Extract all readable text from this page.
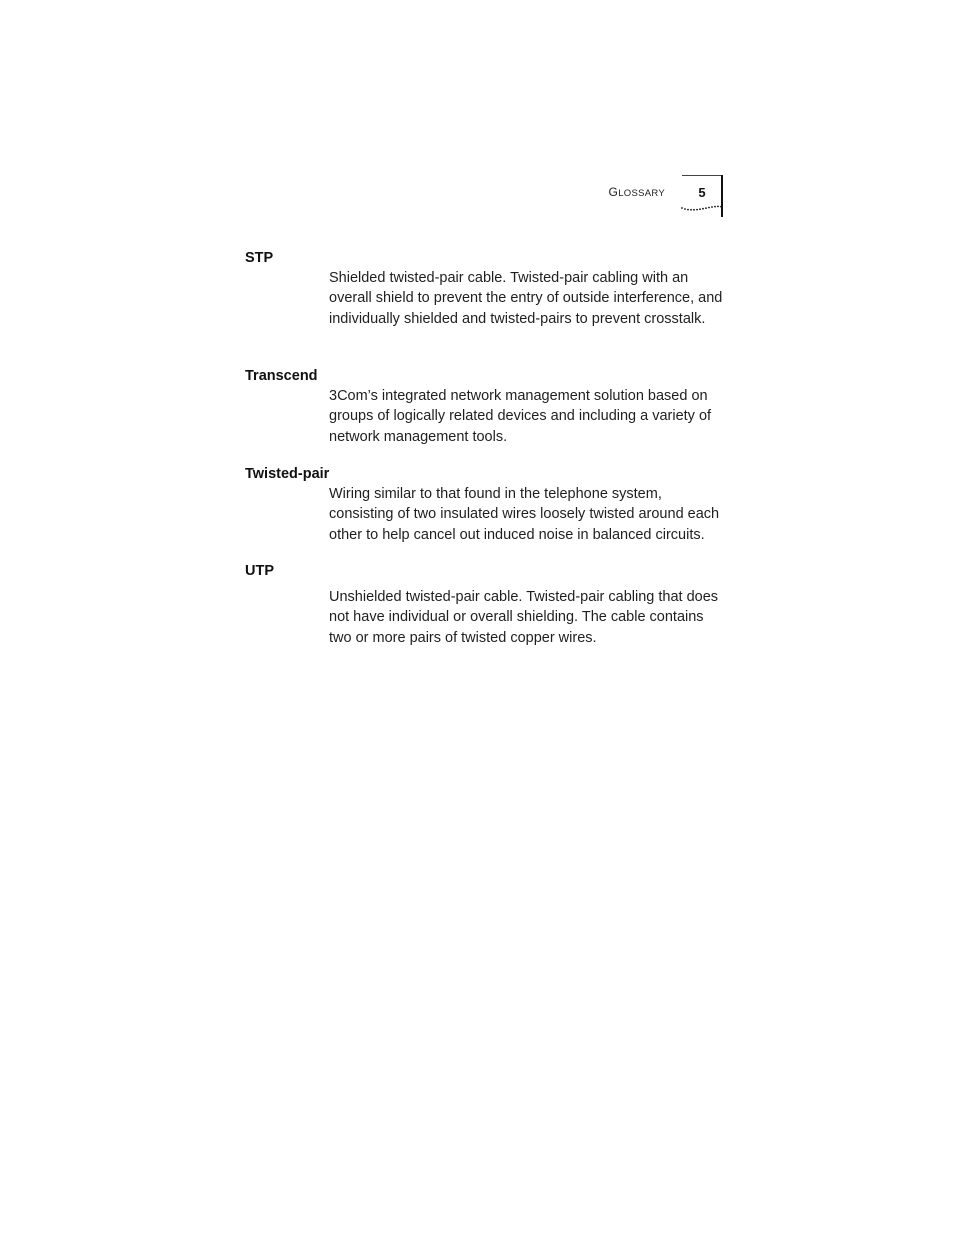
GLOSSARY	5
STP
Shielded twisted-pair cable. Twisted-pair cabling with an overall shield to prevent the entry of outside interference, and individually shielded and twisted-pairs to prevent crosstalk.
Transcend
3Com’s integrated network management solution based on groups of logically related devices and including a variety of network management tools.
Twisted-pair
Wiring similar to that found in the telephone system, consisting of two insulated wires loosely twisted around each other to help cancel out induced noise in balanced circuits.
UTP
Unshielded twisted-pair cable. Twisted-pair cabling that does not have individual or overall shielding. The cable contains two or more pairs of twisted copper wires.
